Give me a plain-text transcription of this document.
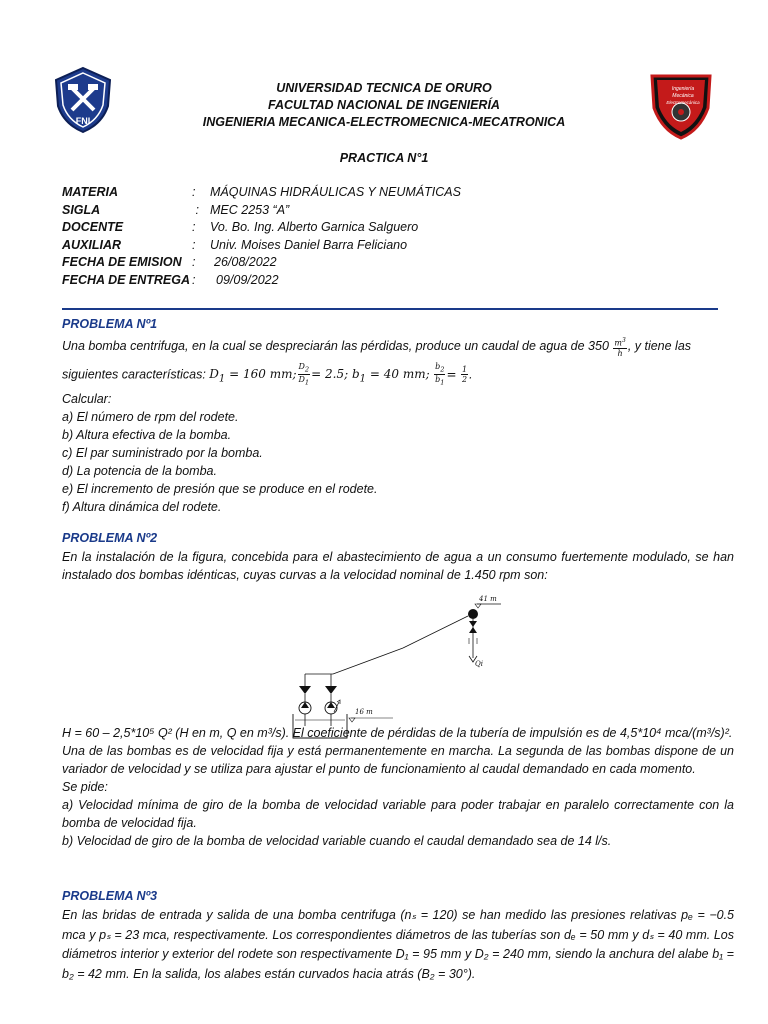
FNI
UNIVERSIDAD TECNICA DE ORURO
FACULTAD NACIONAL DE INGENIERÍA
INGENIERIA MECANICA-ELECTROMECNICA-MECATRONICA
Ingeniería
Mecánica
Electromecánica
PRACTICA N°1
MATERIA	:	MÁQUINAS HIDRÁULICAS Y NEUMÁTICAS
SIGLA	: MEC 2253 “A”
DOCENTE	:	Vo. Bo. Ing. Alberto Garnica Salguero
AUXILIAR	:	Univ. Moises Daniel Barra Feliciano
FECHA DE EMISION :	26/08/2022
FECHA DE ENTREGA :	09/09/2022
PROBLEMA Nº1

Una bomba centrifuga, en la cual se despreciarán las pérdidas, produce un caudal de agua de $350 \frac{m^3}{h}$ , y tiene las

siguientes características: $D_1 = 160$ mm; $\frac{D_2}{D_1} = 2.5$; $b_1 = 40$ mm; $\frac{b_2}{b_1} = \frac{1}{2}$ .

Calcular:

a) El número de rpm del rodete.

b) Altura efectiva de la bomba.

c) El par suministrado por la bomba.

d) La potencia de la bomba.

e) El incremento de presión que se produce en el rodete.

f) Altura dinámica del rodete.

PROBLEMA Nº2
En la instalación de la figura, concebida para el abastecimiento de agua a un consumo fuertemente modulado, se han instalado dos bombas idénticas, cuyas curvas a la velocidad nominal de 1.450 rpm son:
41 m
Qi
16 m

H = 60 – 2,5*10⁵ Q² (H en m, Q en m³/s). El coeficiente de pérdidas de la tubería de impulsión es de 4,5*10⁴ mca/(m³/s)².

Una de las bombas es de velocidad fija y está permanentemente en marcha. La segunda de las bombas dispone de un variador de velocidad y se utiliza para ajustar el punto de funcionamiento al caudal demandado en cada momento.

Se pide:

a) Velocidad mínima de giro de la bomba de velocidad variable para poder trabajar en paralelo correctamente con la bomba de velocidad fija.

b) Velocidad de giro de la bomba de velocidad variable cuando el caudal demandado sea de 14 l/s.

PROBLEMA Nº3
En las bridas de entrada y salida de una bomba centrifuga (nₛ = 120) se han medido las presiones relativas pₑ = −0.5 mca y pₛ = 23 mca, respectivamente. Los correspondientes diámetros de las tuberías son dₑ = 50 mm y dₛ = 40 mm. Los diámetros interior y exterior del rodete son respectivamente D₁ = 95 mm y D₂ = 240 mm, siendo la anchura del alabe b₁ = b₂ = 42 mm. En la salida, los alabes están curvados hacia atrás (B₂ = 30°).
